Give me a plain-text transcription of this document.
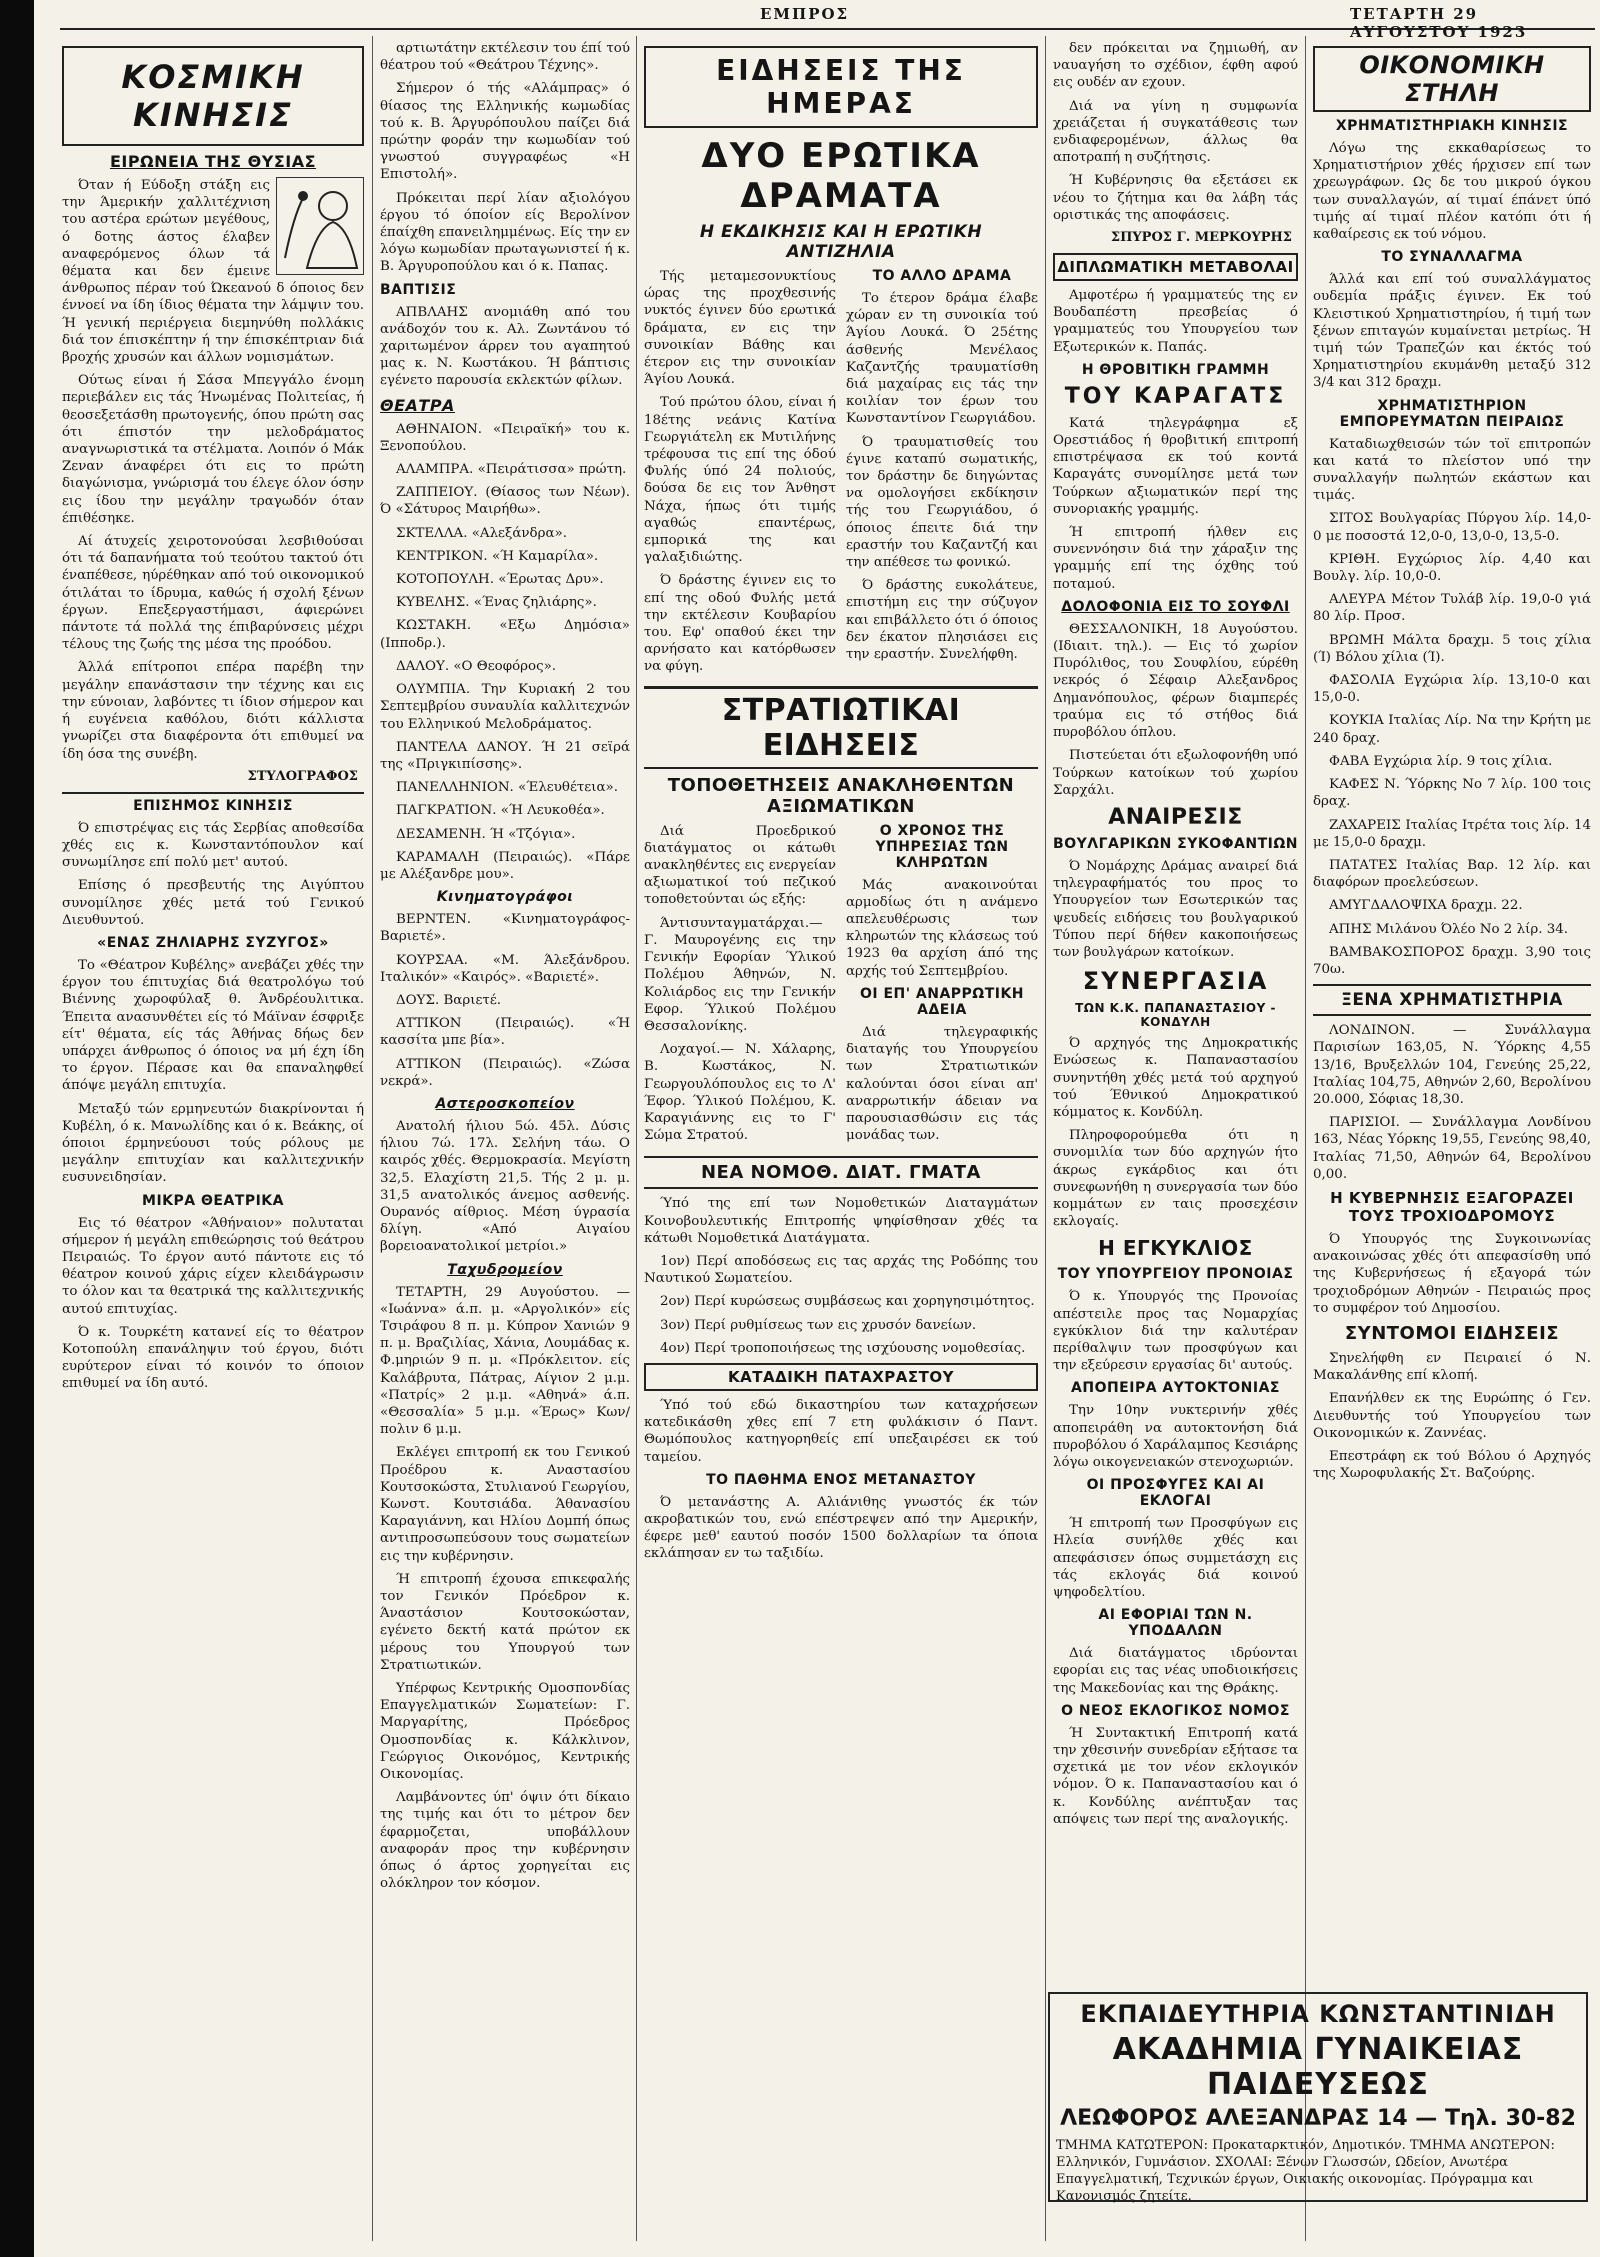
ΕΜΠΡΟΣ	ΤΕΤΑΡΤΗ 29 ΑΥΓΟΥΣΤΟΥ 1923
ΚΟΣΜΙΚΗ ΚΙΝΗΣΙΣ
ΕΙΡΩΝΕΙΑ ΤΗΣ ΘΥΣΙΑΣ

Όταν ή Εύδοξη στάξη εις την Άμερικήν χαλλιτέχνιση του αστέρα ερώτων μεγέθους, ό δοτης άστος έλαβεν αναφερόμενος όλων τά θέματα και δεν έμεινε άνθρωπος πέραν τού Ώκεανού δ όποιος δεν έννοεί να ίδη ίδιος θέματα την λάμψιν του. Ή γενική περιέργεια διεμηνύθη πολλάκις διά τον έπισκέπτην ή την έπισκέπτριαν διά βροχής χρυσών και άλλων νομισμάτων.

Ούτως είναι ή Σάσα Μπεγγάλο ένομη περιεβάλεν εις τάς Ήνωμένας Πολιτείας, ή θεοσεξετάσθη πρωτογενής, όπου πρώτη σας ότι έπιστόν την μελοδράματος αναγνωριστικά τα στέλματα. Λοιπόν ό Μάκ Ζεναν άναφέρει ότι εις το πρώτη διαγώνισμα, γνώρισμά του έλεγε όλον όσην εις ίδου την μεγάλην τραγωδόν όταν έπιθέσηκε.

Αί άτυχείς χειροτονούσαι λεσβιθούσαι ότι τά δαπανήματα τού τεούτου τακτού ότι έναπέθεσε, ηύρέθηκαν από τού οικονομικού ότιλάται το ίδρυμα, καθώς ή σχολή ξένων έργων. Επεξεργαστήμασι, άφιερώνει πάντοτε τά πολλά της έπιβαρύνσεις μέχρι τέλους της ζωής της μέσα της προόδου.

Άλλά επίτροποι επέρα παρέβη την μεγάλην επανάστασιν την τέχνης και εις την εύνοιαν, λαβόντες τι ίδιον σήμερον και ή ευγένεια καθόλου, διότι κάλλιστα γνωρίζει στα διαφέροντα ότι επιθυμεί να ίδη όσα της συνέβη.

ΣΤΥΛΟΓΡΑΦΟΣ
ΕΠΙΣΗΜΟΣ ΚΙΝΗΣΙΣ

Ό επιστρέψας εις τάς Σερβίας αποθεσίδα χθές εις κ. Κωνσταντόπουλον καί συνωμίλησε επί πολύ μετ' αυτού.

Επίσης ό πρεσβευτής της Αιγύπτου συνομίλησε χθές μετά τού Γενικού Διευθυντού.

«ΕΝΑΣ ΖΗΛΙΑΡΗΣ ΣΥΖΥΓΟΣ»

Το «Θέατρον Κυβέλης» ανεβάζει χθές την έργον του έπιτυχίας διά θεατρολόγω τού Βιέννης χωροφύλαξ θ. Άνδρέουλιτικα. Έπειτα ανασυνθέτει είς τό Μάϊναν έσφριξε είτ' θέματα, είς τάς Άθήνας δήως δεν υπάρχει άνθρωπος ό όποιος να μή έχη ίδη το έργον. Πέρασε και θα επαναληφθεί άπόψε μεγάλη επιτυχία.

Μεταξύ τών ερμηνευτών διακρίνονται ή Κυβέλη, ό κ. Μανωλίδης και ό κ. Βεάκης, οί όποιοι έρμηνεύουσι τούς ρόλους με μεγάλην επιτυχίαν και καλλιτεχνικήν ευσυνειδησίαν.

ΜΙΚΡΑ ΘΕΑΤΡΙΚΑ

Εις τό θέατρον «Άθήναιον» πολυταται σήμερον ή μεγάλη επιθεώρησις τού θεάτρου Πειραιώς. Το έργον αυτό πάντοτε εις τό θέατρον κοινού χάρις είχεν κλειδάγρωσιν το όλον και τα θεατρικά της καλλιτεχνικής αυτού επιτυχίας.

Ό κ. Τουρκέτη κατανεί είς το θέατρον Κοτοπούλη επανάληψιν τού έργου, διότι ευρύτερον είναι τό κοινόν το όποιον επιθυμεί να ίδη αυτό.

αρτιωτάτην εκτέλεσιν του έπί τού θέατρου τού «Θεάτρου Τέχνης».

Σήμερον ό τής «Αλάμπρας» ό θίασος της Ελληνικής κωμωδίας τού κ. Β. Άργυρόπουλου παίζει διά πρώτην φοράν την κωμωδίαν τού γνωστού συγγραφέως «Η Επιστολή».

Πρόκειται περί λίαν αξιολόγου έργου τό όποίον είς Βερολίνον έπαίχθη επανειλημμένως. Είς την εν λόγω κωμωδίαν πρωταγωνιστεί ή κ. Β. Άργυροπούλου και ό κ. Παπας.

ΒΑΠΤΙΣΙΣ

ΑΠΒΛΑΗΣ ανομιάθη από του ανάδοχόν του κ. Αλ. Ζωντάνου τό χαριτωμένον άρρεν του αγαπητού μας κ. Ν. Κωστάκου. Ή βάπτισις εγένετο παρουσία εκλεκτών φίλων.

ΘΕΑΤΡΑ

ΑΘΗΝΑΙΟΝ. «Πειραϊκή» του κ. Ξενοπούλου.

ΑΛΑΜΠΡΑ. «Πειράτισσα» πρώτη.

ΖΑΠΠΕΙΟΥ. (Θίασος των Νέων). Ό «Σάτυρος Μαιρήθω».

ΣΚΤΕΛΛΑ. «Αλεξάνδρα».

ΚΕΝΤΡΙΚΟΝ. «Ή Καμαρίλα».

ΚΟΤΟΠΟΥΛΗ. «Έρωτας Δρυ».

ΚΥΒΕΛΗΣ. «Ένας ζηλιάρης».

ΚΩΣΤΑΚΗ. «Εξω Δημόσια» (Ιπποδρ.).

ΔΑΛΟΥ. «Ο Θεοφόρος».

ΟΛΥΜΠΙΑ. Την Κυριακή 2 του Σεπτεμβρίου συναυλία καλλιτεχνών του Ελληνικού Μελοδράματος.

ΠΑΝΤΕΛΑ ΔΑΝΟΥ. Ή 21 σεϊρά της «Πριγκιπίσσης».

ΠΑΝΕΛΛΗΝΙΟΝ. «Έλευθέτεια».

ΠΑΓΚΡΑΤΙΟΝ. «Ή Λευκοθέα».

ΔΕΣΑΜΕΝΗ. Ή «Τζόγια».

ΚΑΡΑΜΑΛΗ (Πειραιώς). «Πάρε με Αλέξανδρε μου».

Κινηματογράφοι

ΒΕΡΝΤΕΝ. «Κινηματογράφος-Βαριετέ».

ΚΟΥΡΣΑΑ. «Μ. Άλεξάνδρου. Ιταλικόν» «Καιρός». «Βαριετέ».

ΔΟΥΣ. Βαριετέ.

ΑΤΤΙΚΟΝ (Πειραιώς). «Ή κασσίτα μπε βία».

ΑΤΤΙΚΟΝ (Πειραιώς). «Ζώσα νεκρά».

Αστεροσκοπείον

Ανατολή ήλιου 5ώ. 45λ. Δύσις ήλιου 7ώ. 17λ. Σελήνη τάω. Ο καιρός χθές. Θερμοκρασία. Μεγίστη 32,5. Ελαχίστη 21,5. Τής 2 μ. μ. 31,5 ανατολικός άνεμος ασθενής. Ουρανός αίθριος. Μέση ύγρασία δλίγη. «Από Αιγαίου βορειοανατολικοί μετρίοι.»

Ταχυδρομείον

ΤΕΤΑΡΤΗ, 29 Αυγούστου. — «Ιωάννα» ά.π. μ. «Αργολικόν» είς Τσιράφου 8 π. μ. Κύπρον Χανιών 9 π. μ. Βραζιλίας, Χάνια, Λουμάδας κ. Φ.μηριών 9 π. μ. «Πρόκλειτον. είς Καλάβρυτα, Πάτρας, Αίγιον 2 μ.μ. «Πατρίς» 2 μ.μ. «Αθηνά» ά.π. «Θεσσαλία» 5 μ.μ. «Έρως» Κων/πολιν 6 μ.μ.

Εκλέγει επιτροπή εκ του Γενικού Προέδρου κ. Αναστασίου Κουτσοκώστα, Στυλιανού Γεωργίου, Κωνστ. Κουτσιάδα. Άθανασίου Καραγιάννη, και Ηλίου Δομπή όπως αντιπροσωπεύσουν τους σωματείων εις την κυβέρνησιν.

Ή επιτροπή έχουσα επικεφαλής τον Γενικόν Πρόεδρον κ. Άναστάσιον Κουτσοκώσταν, εγένετο δεκτή κατά πρώτον εκ μέρους του Υπουργού των Στρατιωτικών.

Υπέρφως Κεντρικής Ομοσπονδίας Επαγγελματικών Σωματείων: Γ. Μαργαρίτης, Πρόεδρος Ομοσπονδίας κ. Κάλκλινον, Γεώργιος Οικονόμος, Κεντρικής Οικονομίας.

Λαμβάνοντες ύπ' όψιν ότι δίκαιο της τιμής και ότι το μέτρον δεν έφαρμοζεται, υποβάλλουν αναφοράν προς την κυβέρνησιν όπως ό άρτος χορηγείται εις ολόκληρον τον κόσμον.

ΕΙΔΗΣΕΙΣ ΤΗΣ ΗΜΕΡΑΣ
ΔΥΟ ΕΡΩΤΙΚΑ ΔΡΑΜΑΤΑ
Η ΕΚΔΙΚΗΣΙΣ ΚΑΙ Η ΕΡΩΤΙΚΗ ΑΝΤΙΖΗΛΙΑ

Τής μεταμεσονυκτίους ώρας της προχθεσινής νυκτός έγινεν δύο ερωτικά δράματα, εν εις την συνοικίαν Βάθης και έτερον εις την συνοικίαν Άγίου Λουκά.

Τού πρώτου όλου, είναι ή 18έτης νεάνις Κατίνα Γεωργιάτελη εκ Μυτιλήνης τρέφουσα τις επί της όδού Φυλής ύπό 24 πολιούς, δούσα δε εις τον Άνθηστ Νάχα, ήπως ότι τιμής αγαθώς επαντέρως, εμπορικά της και γαλαξιδιώτης.

Ό δράστης έγινεν εις το επί της οδού Φυλής μετά την εκτέλεσιν Κουβαρίου του. Εφ' οπαθού έκει την αρνήσατο και κατόρθωσεν να φύγη.

ΤΟ ΑΛΛΟ ΔΡΑΜΑ

Το έτερον δράμα έλαβε χώραν εν τη συνοικία τού Άγίου Λουκά. Ό 25έτης άσθενής Μενέλαος Καζαντζής τραυματίσθη διά μαχαίρας εις τάς την κοιλίαν τον έρων του Κωνσταντίνον Γεωργιάδου.

Ό τραυματισθείς του έγινε καταπύ σωματικής, τον δράστην δε διηγώντας να ομολογήσει εκδίκησιν τής του Γεωργιάδου, ό όποιος έπειτε διά την εραστήν του Καζαντζή και την απέθεσε τω φονικώ.

Ό δράστης ευκολάτευε, επιστήμη εις την σύζυγον και επιβάλλετο ότι ό όποιος δεν έκατον πλησιάσει εις την εραστήν. Συνελήφθη.

ΣΤΡΑΤΙΩΤΙΚΑΙ ΕΙΔΗΣΕΙΣ
ΤΟΠΟΘΕΤΗΣΕΙΣ ΑΝΑΚΛΗΘΕΝΤΩΝ ΑΞΙΩΜΑΤΙΚΩΝ

Διά Προεδρικού διατάγματος οι κάτωθι ανακληθέντες εις ενεργείαν αξιωματικοί τού πεζικού τοποθετούνται ώς εξής:

Άντισυνταγματάρχαι.— Γ. Μαυρογένης εις την Γενικήν Εφορίαν Ύλικού Πολέμου Άθηνών, Ν. Κολιάρδος εις την Γενικήν Εφορ. Ύλικού Πολέμου Θεσσαλονίκης.

Λοχαγοί.— Ν. Χάλαρης, Β. Κωστάκος, Ν. Γεωργουλόπουλος εις το Λ' Έφορ. Ύλικού Πολέμου, Κ. Καραγιάννης εις το Γ' Σώμα Στρατού.

Ο ΧΡΟΝΟΣ ΤΗΣ ΥΠΗΡΕΣΙΑΣ ΤΩΝ ΚΛΗΡΩΤΩΝ

Μάς ανακοινούται αρμοδίως ότι η ανάμενο απελευθέρωσις των κληρωτών της κλάσεως τού 1923 θα αρχίση άπό της αρχής τού Σεπτεμβρίου.

ΟΙ ΕΠ' ΑΝΑΡΡΩΤΙΚΗ ΑΔΕΙΑ

Διά τηλεγραφικής διαταγής του Υπουργείου των Στρατιωτικών καλούνται όσοι είναι απ' αναρρωτικήν άδειαν να παρουσιασθώσιν εις τάς μονάδας των.

ΝΕΑ ΝΟΜΟΘ. ΔΙΑΤ. ΓΜΑΤΑ

Ύπό της επί των Νομοθετικών Διαταγμάτων Κοινοβουλευτικής Επιτροπής ψηφίσθησαν χθές τα κάτωθι Νομοθετικά Διατάγματα.

1ον) Περί αποδόσεως εις τας αρχάς της Ροδόπης του Ναυτικού Σωματείου.

2ον) Περί κυρώσεως συμβάσεως και χορηγησιμότητος.

3ον) Περί ρυθμίσεως των εις χρυσόν δανείων.

4ον) Περί τροποποιήσεως της ισχύουσης νομοθεσίας.

ΚΑΤΑΔΙΚΗ ΠΑΤΑΧΡΑΣΤΟΥ

Ύπό τού εδώ δικαστηρίου των καταχρήσεων κατεδικάσθη χθες επί 7 ετη φυλάκισιν ό Παντ. Θωμόπουλος κατηγορηθείς επί υπεξαιρέσει εκ τού ταμείου.

ΤΟ ΠΑΘΗΜΑ ΕΝΟΣ ΜΕΤΑΝΑΣΤΟΥ

Ό μετανάστης Α. Αλιάνιθης γνωστός έκ τών ακροβατικών του, ενώ επέστρεψεν από την Αμερικήν, έφερε μεθ' εαυτού ποσόν 1500 δολλαρίων τα όποια εκλάπησαν εν τω ταξιδίω.

δεν πρόκειται να ζημιωθή, αν ναυαγήση το σχέδιον, έφθη αφού εις ουδέν αν εχουν.

Διά να γίνη η συμφωνία χρειάζεται ή συγκατάθεσις των ενδιαφερομένων, άλλως θα αποτραπή η συζήτησις.

Ή Κυβέρνησις θα εξετάσει εκ νέου το ζήτημα και θα λάβη τάς οριστικάς της αποφάσεις.

ΣΠΥΡΟΣ Γ. ΜΕΡΚΟΥΡΗΣ
ΔΙΠΛΩΜΑΤΙΚΗ ΜΕΤΑΒΟΛΑΙ

Αμφοτέρω ή γραμματεύς της εν Βουδαπέστη πρεσβείας ό γραμματεύς του Υπουργείου των Εξωτερικών κ. Παπάς.

Η ΘΡΟΒΙΤΙΚΗ ΓΡΑΜΜΗ
ΤΟΥ ΚΑΡΑΓΑΤΣ

Κατά τηλεγράφημα εξ Ορεστιάδος ή θροβιτική επιτροπή επιστρέψασα εκ τού κοντά Καραγάτς συνομίλησε μετά των Τούρκων αξιωματικών περί της συνοριακής γραμμής.

Ή επιτροπή ήλθεν εις συνεννόησιν διά την χάραξιν της γραμμής επί της όχθης τού ποταμού.

ΔΟΛΟΦΟΝΙΑ ΕΙΣ ΤΟ ΣΟΥΦΛΙ

ΘΕΣΣΑΛΟΝΙΚΗ, 18 Αυγούστου. (Ιδιαιτ. τηλ.). — Εις τό χωρίον Πυρόλιθος, του Σουφλίου, εύρέθη νεκρός ό Σέφαιρ Αλεξανδρος Δημανόπουλος, φέρων διαμπερές τραύμα εις τό στήθος διά πυροβόλου όπλου.

Πιστεύεται ότι εξωλοφονήθη υπό Τούρκων κατοίκων τού χωρίου Σαρχάλι.

ΑΝΑΙΡΕΣΙΣ
ΒΟΥΛΓΑΡΙΚΩΝ ΣΥΚΟΦΑΝΤΙΩΝ

Ό Νομάρχης Δράμας αναιρεί διά τηλεγραφήματός του προς το Υπουργείον των Εσωτερικών τας ψευδείς ειδήσεις του βουλγαρικού Τύπου περί δήθεν κακοποιήσεως των βουλγάρων κατοίκων.

ΣΥΝΕΡΓΑΣΙΑ
ΤΩΝ Κ.Κ. ΠΑΠΑΝΑΣΤΑΣΙΟΥ - ΚΟΝΔΥΛΗ

Ό αρχηγός της Δημοκρατικής Ενώσεως κ. Παπαναστασίου συνηντήθη χθές μετά τού αρχηγού τού Έθνικού Δημοκρατικού κόμματος κ. Κονδύλη.

Πληροφορούμεθα ότι η συνομιλία των δύο αρχηγών ήτο άκρως εγκάρδιος και ότι συνεφωνήθη η συνεργασία των δύο κομμάτων εν ταις προσεχέσιν εκλογαίς.

Η ΕΓΚΥΚΛΙΟΣ
ΤΟΥ ΥΠΟΥΡΓΕΙΟΥ ΠΡΟΝΟΙΑΣ

Ό κ. Υπουργός της Προνοίας απέστειλε προς τας Νομαρχίας εγκύκλιον διά την καλυτέραν περίθαλψιν των προσφύγων και την εξεύρεσιν εργασίας δι' αυτούς.

ΑΠΟΠΕΙΡΑ ΑΥΤΟΚΤΟΝΙΑΣ

Την 10ην νυκτερινήν χθές αποπειράθη να αυτοκτονήση διά πυροβόλου ό Χαράλαμπος Κεσιάρης λόγω οικογενειακών στενοχωριών.

ΟΙ ΠΡΟΣΦΥΓΕΣ ΚΑΙ ΑΙ ΕΚΛΟΓΑΙ

Ή επιτροπή των Προσφύγων εις Ηλεία συνήλθε χθές και απεφάσισεν όπως συμμετάσχη εις τάς εκλογάς διά κοινού ψηφοδελτίου.

ΑΙ ΕΦΟΡΙΑΙ ΤΩΝ Ν. ΥΠΟΔΑΛΩΝ

Διά διατάγματος ιδρύονται εφορίαι εις τας νέας υποδιοικήσεις της Μακεδονίας και της Θράκης.

Ο ΝΕΟΣ ΕΚΛΟΓΙΚΟΣ ΝΟΜΟΣ

Ή Συντακτική Επιτροπή κατά την χθεσινήν συνεδρίαν εξήτασε τα σχετικά με τον νέον εκλογικόν νόμον. Ό κ. Παπαναστασίου και ό κ. Κονδύλης ανέπτυξαν τας απόψεις των περί της αναλογικής.

ΟΙΚΟΝΟΜΙΚΗ ΣΤΗΛΗ
ΧΡΗΜΑΤΙΣΤΗΡΙΑΚΗ ΚΙΝΗΣΙΣ

Λόγω της εκκαθαρίσεως το Χρηματιστήριον χθές ήρχισεν επί των χρεωγράφων. Ως δε του μικρού όγκου των συναλλαγών, αί τιμαί έπάνετ ύπό τιμής αί τιμαί πλέον κατόπι ότι ή καθαίρεσις εκ τού νόμου.

ΤΟ ΣΥΝΑΛΛΑΓΜΑ

Άλλά και επί τού συναλλάγματος ουδεμία πράξις έγινεν. Εκ τού Κλειστικού Χρηματιστηρίου, ή τιμή των ξένων επιταγών κυμαίνεται μετρίως. Ή τιμή τών Τραπεζών και έκτός τού Χρηματιστηρίου εκυμάνθη μεταξύ 312 3/4 και 312 δραχμ.

ΧΡΗΜΑΤΙΣΤΗΡΙΟΝ ΕΜΠΟΡΕΥΜΑΤΩΝ ΠΕΙΡΑΙΩΣ

Καταδιωχθεισών τών τοϊ επιτροπών και κατά το πλείστον υπό την συναλλαγήν πωλητών εκάστων και τιμάς.

ΣΙΤΟΣ Βουλγαρίας Πύργου λίρ. 14,0-0 με ποσοστά 12,0-0, 13,0-0, 13,5-0.

ΚΡΙΘΗ. Εγχώριος λίρ. 4,40 και Βουλγ. λίρ. 10,0-0.

ΑΛΕΥΡΑ Μέτον Τυλάβ λίρ. 19,0-0 γιά 80 λίρ. Προσ.

ΒΡΩΜΗ Μάλτα δραχμ. 5 τοις χίλια (Ί) Βόλου χίλια (Ί).

ΦΑΣΟΛΙΑ Εγχώρια λίρ. 13,10-0 και 15,0-0.

ΚΟΥΚΙΑ Ιταλίας Λίρ. Να την Κρήτη με 240 δραχ.

ΦΑΒΑ Εγχώρια λίρ. 9 τοις χίλια.

ΚΑΦΕΣ Ν. Ύόρκης Νο 7 λίρ. 100 τοις δραχ.

ΖΑΧΑΡΕΙΣ Ιταλίας Ιτρέτα τοις λίρ. 14 με 15,0-0 δραχμ.

ΠΑΤΑΤΕΣ Ιταλίας Βαρ. 12 λίρ. και διαφόρων προελεύσεων.

ΑΜΥΓΔΑΛΟΨΙΧΑ δραχμ. 22.

ΑΠΗΣ Μιλάνου Όλέο Νο 2 λίρ. 34.

ΒΑΜΒΑΚΟΣΠΟΡΟΣ δραχμ. 3,90 τοις 70ω.

ΞΕΝΑ ΧΡΗΜΑΤΙΣΤΗΡΙΑ

ΛΟΝΔΙΝΟΝ. — Συνάλλαγμα Παρισίων 163,05, Ν. Ύόρκης 4,55 13/16, Βρυξελλών 104, Γενεύης 25,22, Ιταλίας 104,75, Αθηνών 2,60, Βερολίνου 20.000, Σόφιας 18,30.

ΠΑΡΙΣΙΟΙ. — Συνάλλαγμα Λονδίνου 163, Νέας Υόρκης 19,55, Γενεύης 98,40, Ιταλίας 71,50, Αθηνών 64, Βερολίνου 0,00.

Η ΚΥΒΕΡΝΗΣΙΣ ΕΞΑΓΟΡΑΖΕΙ ΤΟΥΣ ΤΡΟΧΙΟΔΡΟΜΟΥΣ

Ό Υπουργός της Συγκοινωνίας ανακοινώσας χθές ότι απεφασίσθη υπό της Κυβερνήσεως ή εξαγορά τών τροχιοδρόμων Αθηνών - Πειραιώς προς το συμφέρον τού Δημοσίου.

ΣΥΝΤΟΜΟΙ ΕΙΔΗΣΕΙΣ

Σηνελήφθη εν Πειραιεί ό Ν. Μακαλάνθης επί κλοπή.

Επανήλθεν εκ της Ευρώπης ό Γεν. Διευθυντής τού Υπουργείου των Οικονομικών κ. Ζαννέας.

Επεστράφη εκ τού Βόλου ό Αρχηγός της Χωροφυλακής Στ. Βαζούρης.

ΕΚΠΑΙΔΕΥΤΗΡΙΑ ΚΩΝΣΤΑΝΤΙΝΙΔΗ
ΑΚΑΔΗΜΙΑ ΓΥΝΑΙΚΕΙΑΣ ΠΑΙΔΕΥΣΕΩΣ
ΛΕΩΦΟΡΟΣ ΑΛΕΞΑΝΔΡΑΣ 14 — Τηλ. 30-82
ΤΜΗΜΑ ΚΑΤΩΤΕΡΟΝ: Προκαταρκτικόν, Δημοτικόν. ΤΜΗΜΑ ΑΝΩΤΕΡΟΝ: Ελληνικόν, Γυμνάσιον. ΣΧΟΛΑΙ: Ξένων Γλωσσών, Ωδείον, Ανωτέρα Επαγγελματική, Τεχνικών έργων, Οικιακής οικονομίας. Πρόγραμμα και Κανονισμός ζητείτε.
